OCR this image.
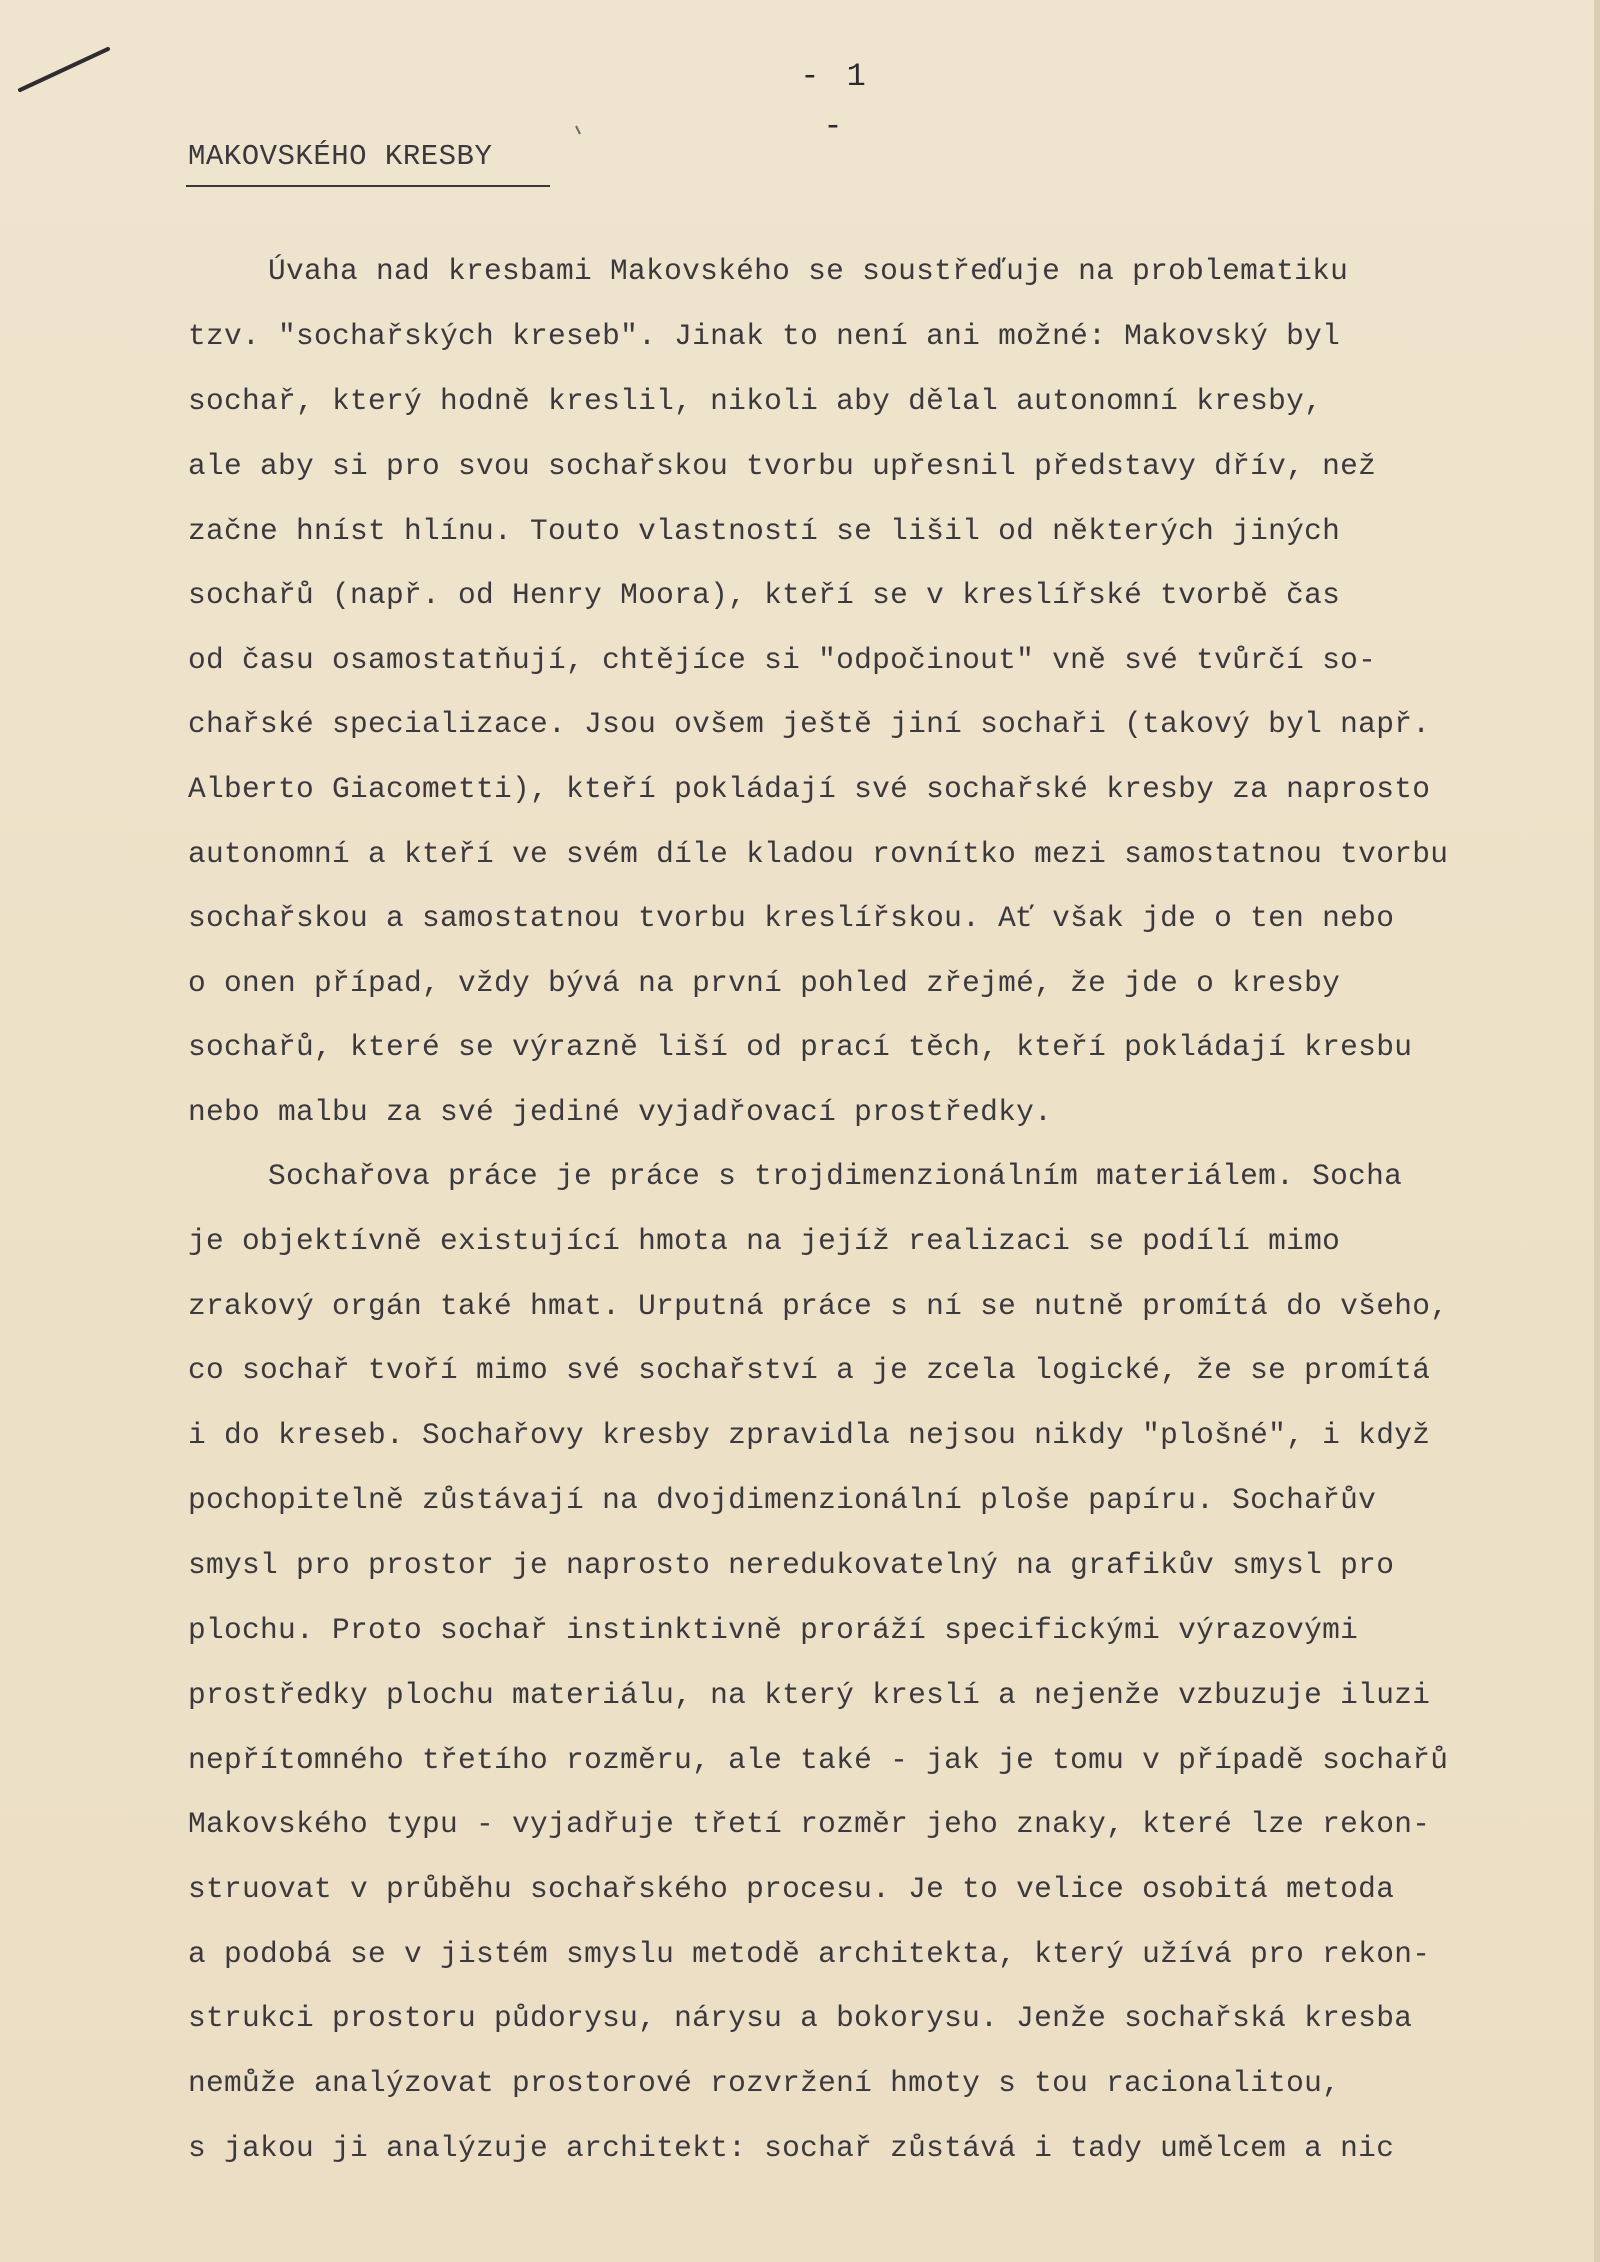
- 1 -
MAKOVSKÉHO KRESBY
Úvaha nad kresbami Makovského se soustřeďuje na problematiku
tzv. "sochařských kreseb". Jinak to není ani možné: Makovský byl
sochař, který hodně kreslil, nikoli aby dělal autonomní kresby,
ale aby si pro svou sochařskou tvorbu upřesnil představy dřív, než
začne hníst hlínu. Touto vlastností se lišil od některých jiných
sochařů (např. od Henry Moora), kteří se v kreslířské tvorbě čas
od času osamostatňují, chtějíce si "odpočinout" vně své tvůrčí so-
chařské specializace. Jsou ovšem ještě jiní sochaři (takový byl např.
Alberto Giacometti), kteří pokládají své sochařské kresby za naprosto
autonomní a kteří ve svém díle kladou rovnítko mezi samostatnou tvorbu
sochařskou a samostatnou tvorbu kreslířskou. Ať však jde o ten nebo
o onen případ, vždy bývá na první pohled zřejmé, že jde o kresby
sochařů, které se výrazně liší od prací těch, kteří pokládají kresbu
nebo malbu za své jediné vyjadřovací prostředky.
Sochařova práce je práce s trojdimenzionálním materiálem. Socha
je objektívně existující hmota na jejíž realizaci se podílí mimo
zrakový orgán také hmat. Urputná práce s ní se nutně promítá do všeho,
co sochař tvoří mimo své sochařství a je zcela logické, že se promítá
i do kreseb. Sochařovy kresby zpravidla nejsou nikdy "plošné", i když
pochopitelně zůstávají na dvojdimenzionální ploše papíru. Sochařův
smysl pro prostor je naprosto neredukovatelný na grafikův smysl pro
plochu. Proto sochař instinktivně proráží specifickými výrazovými
prostředky plochu materiálu, na který kreslí a nejenže vzbuzuje iluzi
nepřítomného třetího rozměru, ale také - jak je tomu v případě sochařů
Makovského typu - vyjadřuje třetí rozměr jeho znaky, které lze rekon-
struovat v průběhu sochařského procesu. Je to velice osobitá metoda
a podobá se v jistém smyslu metodě architekta, který užívá pro rekon-
strukci prostoru půdorysu, nárysu a bokorysu. Jenže sochařská kresba
nemůže analýzovat prostorové rozvržení hmoty s tou racionalitou,
s jakou ji analýzuje architekt: sochař zůstává i tady umělcem a nic
